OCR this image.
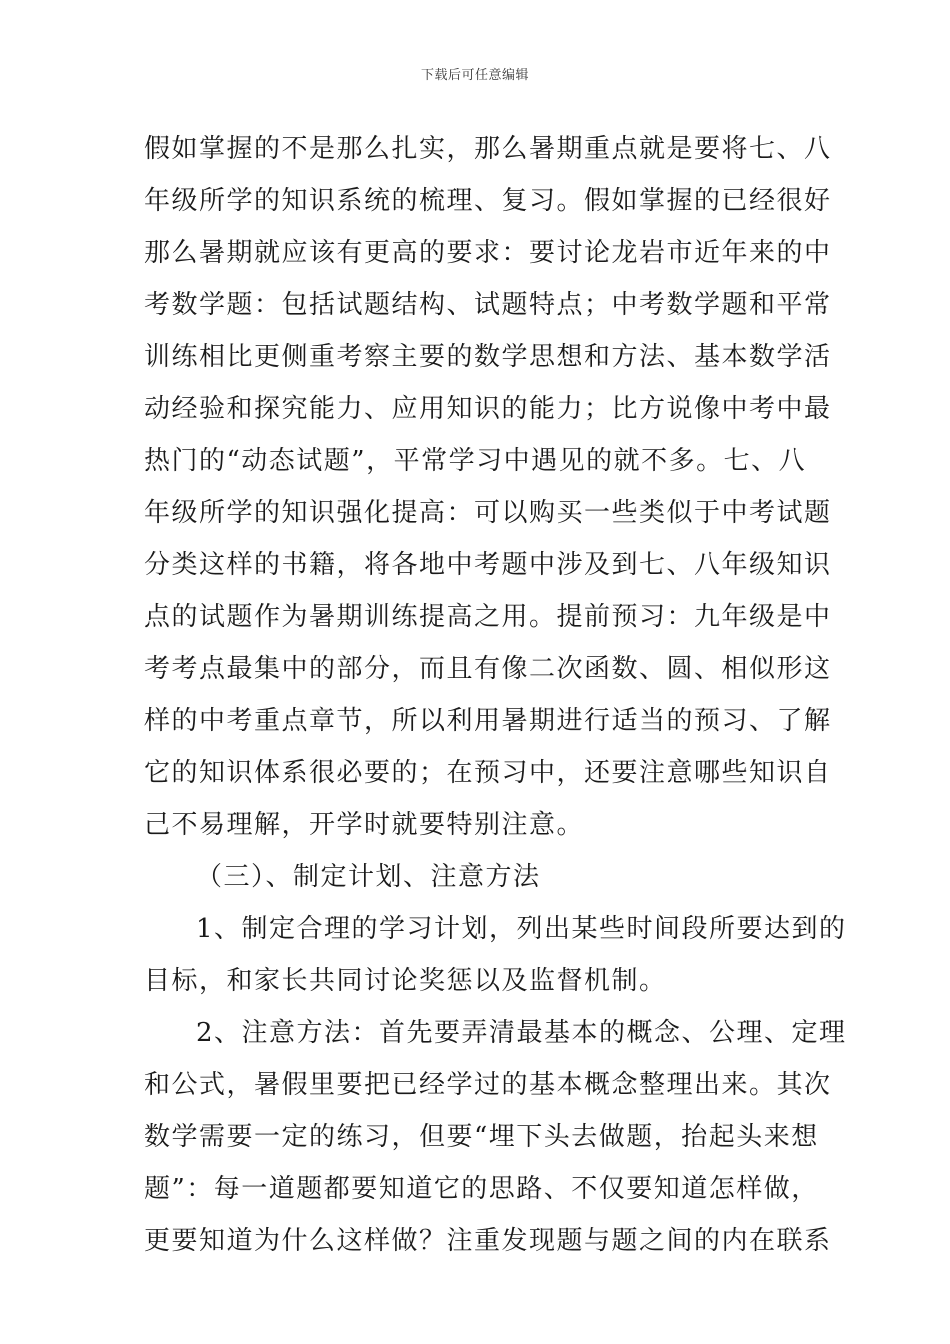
下载后可任意编辑
假如掌握的不是那么扎实，那么暑期重点就是要将七、八
年级所学的知识系统的梳理、复习。假如掌握的已经很好
那么暑期就应该有更高的要求：要讨论龙岩市近年来的中
考数学题：包括试题结构、试题特点；中考数学题和平常
训练相比更侧重考察主要的数学思想和方法、基本数学活
动经验和探究能力、应用知识的能力；比方说像中考中最
热门的“动态试题”，平常学习中遇见的就不多。七、八
年级所学的知识强化提高：可以购买一些类似于中考试题
分类这样的书籍，将各地中考题中涉及到七、八年级知识
点的试题作为暑期训练提高之用。提前预习：九年级是中
考考点最集中的部分，而且有像二次函数、圆、相似形这
样的中考重点章节，所以利用暑期进行适当的预习、了解
它的知识体系很必要的；在预习中，还要注意哪些知识自
己不易理解，开学时就要特别注意。
（三）、制定计划、注意方法
1、制定合理的学习计划，列出某些时间段所要达到的
目标，和家长共同讨论奖惩以及监督机制。
2、注意方法：首先要弄清最基本的概念、公理、定理
和公式，暑假里要把已经学过的基本概念整理出来。其次
数学需要一定的练习，但要“埋下头去做题，抬起头来想
题”：每一道题都要知道它的思路、不仅要知道怎样做，
更要知道为什么这样做？注重发现题与题之间的内在联系
